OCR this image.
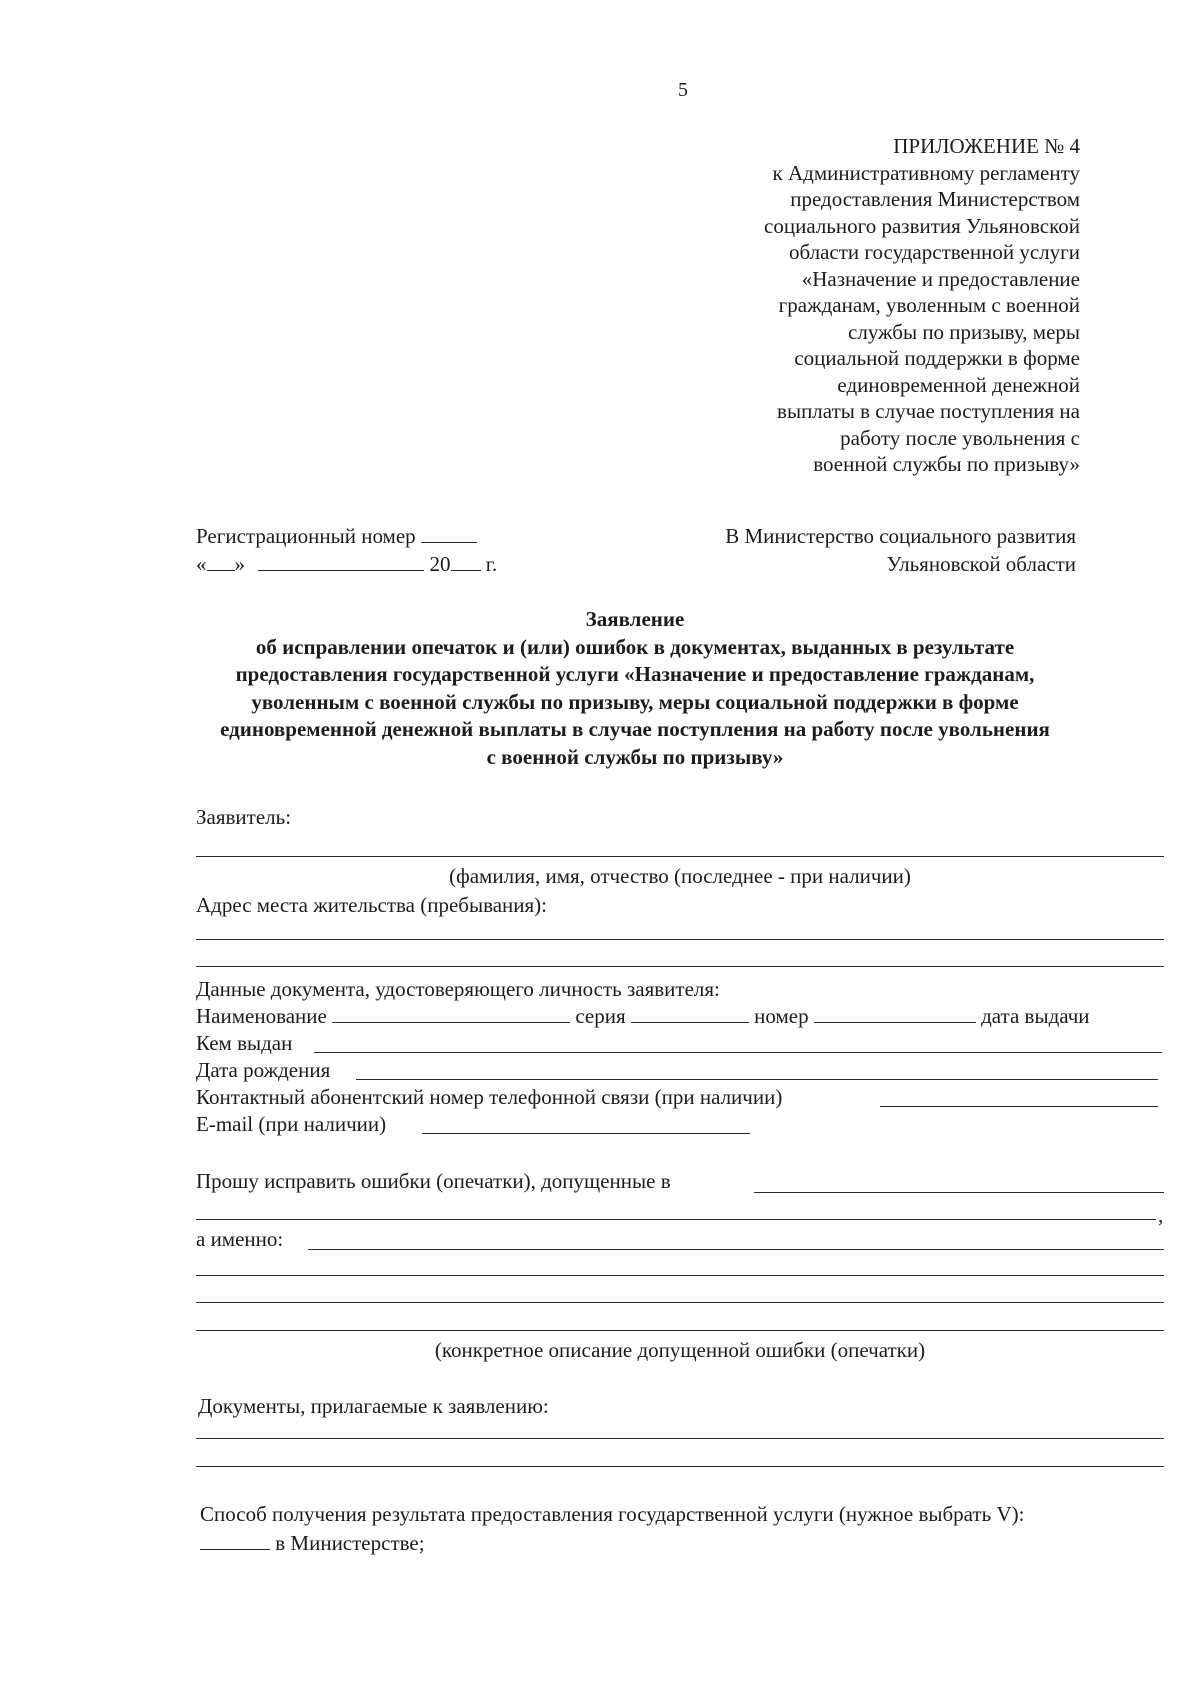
5
ПРИЛОЖЕНИЕ № 4
к Административному регламенту
предоставления Министерством
социального развития Ульяновской
области государственной услуги
«Назначение и предоставление
гражданам, уволенным с военной
службы по призыву, меры
социальной поддержки в форме
единовременной денежной
выплаты в случае поступления на
работу после увольнения с
военной службы по призыву»
Регистрационный номер
« »	20 г.
В Министерство социального развития
Ульяновской области
Заявление
об исправлении опечаток и (или) ошибок в документах, выданных в результате
предоставления государственной услуги «Назначение и предоставление гражданам,
уволенным с военной службы по призыву, меры социальной поддержки в форме
единовременной денежной выплаты в случае поступления на работу после увольнения
с военной службы по призыву»
Заявитель:
(фамилия, имя, отчество (последнее - при наличии)
Адрес места жительства (пребывания):
Данные документа, удостоверяющего личность заявителя:
Наименование	серия	номер	дата выдачи
Кем выдан
Дата рождения
Контактный абонентский номер телефонной связи (при наличии)
E-mail (при наличии)
Прошу исправить ошибки (опечатки), допущенные в
,
а именно:
(конкретное описание допущенной ошибки (опечатки)
Документы, прилагаемые к заявлению:
Способ получения результата предоставления государственной услуги (нужное выбрать V):
в Министерстве;
